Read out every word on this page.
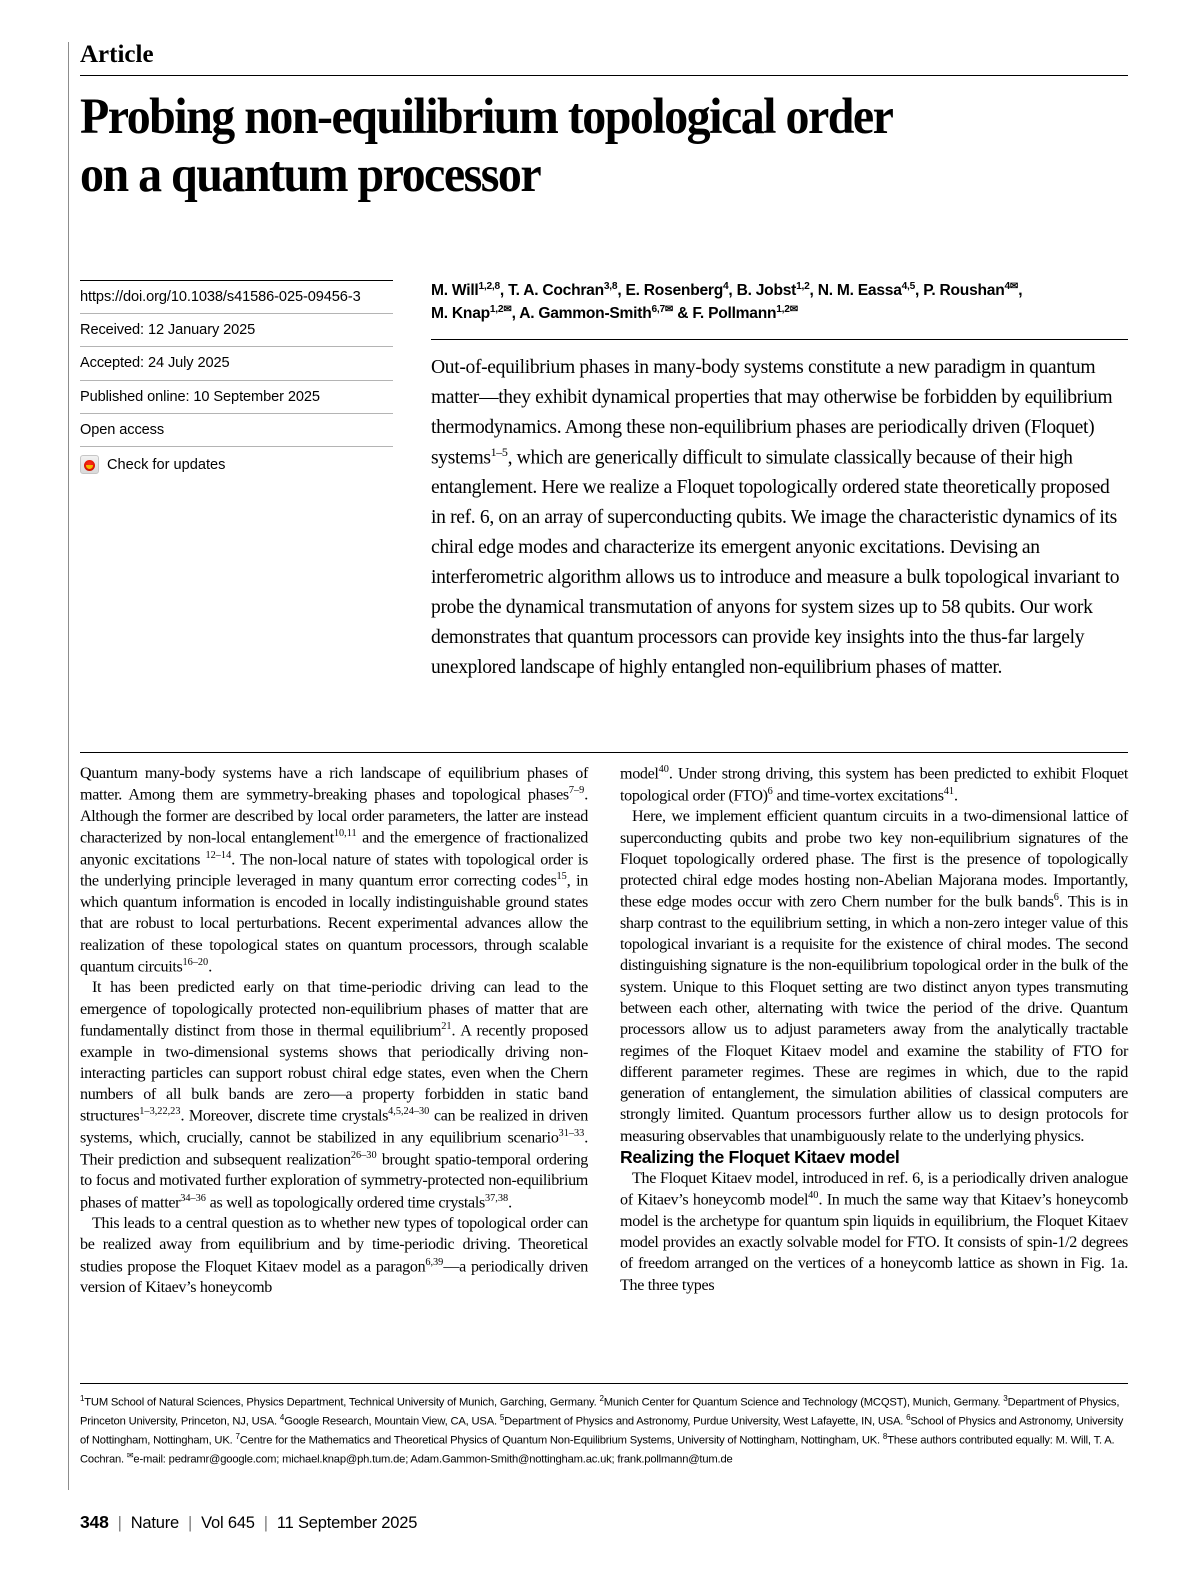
Article
Probing non-equilibrium topological order
on a quantum processor
https://doi.org/10.1038/s41586-025-09456-3
Received: 12 January 2025
Accepted: 24 July 2025
Published online: 10 September 2025
Open access
Check for updates
M. Will$^{1,2,8}$, T. A. Cochran$^{3,8}$, E. Rosenberg$^4$, B. Jobst$^{1,2}$, N. M. Eassa$^{4,5}$, P. Roushan$^{4✉}$,
M. Knap$^{1,2✉}$, A. Gammon-Smith$^{6,7✉}$ & F. Pollmann$^{1,2✉}$
Out-of-equilibrium phases in many-body systems constitute a new paradigm in quantum matter—they exhibit dynamical properties that may otherwise be forbidden by equilibrium thermodynamics. Among these non-equilibrium phases are periodically driven (Floquet) systems$^{1-5}$, which are generically difficult to simulate classically because of their high entanglement. Here we realize a Floquet topologically ordered state theoretically proposed in ref. 6, on an array of superconducting qubits. We image the characteristic dynamics of its chiral edge modes and characterize its emergent anyonic excitations. Devising an interferometric algorithm allows us to introduce and measure a bulk topological invariant to probe the dynamical transmutation of anyons for system sizes up to 58 qubits. Our work demonstrates that quantum processors can provide key insights into the thus-far largely unexplored landscape of highly entangled non-equilibrium phases of matter.

Quantum many-body systems have a rich landscape of equilibrium phases of matter. Among them are symmetry-breaking phases and topological phases$^{7-9}$. Although the former are described by local order parameters, the latter are instead characterized by non-local entanglement$^{10,11}$ and the emergence of fractionalized anyonic excitations $^{12-14}$. The non-local nature of states with topological order is the underlying principle leveraged in many quantum error correcting codes$^{15}$, in which quantum information is encoded in locally indistinguishable ground states that are robust to local perturbations. Recent experimental advances allow the realization of these topological states on quantum processors, through scalable quantum circuits$^{16-20}$.

It has been predicted early on that time-periodic driving can lead to the emergence of topologically protected non-equilibrium phases of matter that are fundamentally distinct from those in thermal equilibrium$^{21}$. A recently proposed example in two-dimensional systems shows that periodically driving non-interacting particles can support robust chiral edge states, even when the Chern numbers of all bulk bands are zero—a property forbidden in static band structures$^{1-3,22,23}$. Moreover, discrete time crystals$^{4,5,24-30}$ can be realized in driven systems, which, crucially, cannot be stabilized in any equilibrium scenario$^{31-33}$. Their prediction and subsequent realization$^{26-30}$ brought spatio-temporal ordering to focus and motivated further exploration of symmetry-protected non-equilibrium phases of matter$^{34-36}$ as well as topologically ordered time crystals$^{37,38}$.

This leads to a central question as to whether new types of topological order can be realized away from equilibrium and by time-periodic driving. Theoretical studies propose the Floquet Kitaev model as a paragon$^{6,39}$—a periodically driven version of Kitaev’s honeycomb

model$^{40}$. Under strong driving, this system has been predicted to exhibit Floquet topological order (FTO)$^6$ and time-vortex excitations$^{41}$.

Here, we implement efficient quantum circuits in a two-dimensional lattice of superconducting qubits and probe two key non-equilibrium signatures of the Floquet topologically ordered phase. The first is the presence of topologically protected chiral edge modes hosting non-Abelian Majorana modes. Importantly, these edge modes occur with zero Chern number for the bulk bands$^6$. This is in sharp contrast to the equilibrium setting, in which a non-zero integer value of this topological invariant is a requisite for the existence of chiral modes. The second distinguishing signature is the non-equilibrium topological order in the bulk of the system. Unique to this Floquet setting are two distinct anyon types transmuting between each other, alternating with twice the period of the drive. Quantum processors allow us to adjust parameters away from the analytically tractable regimes of the Floquet Kitaev model and examine the stability of FTO for different parameter regimes. These are regimes in which, due to the rapid generation of entanglement, the simulation abilities of classical computers are strongly limited. Quantum processors further allow us to design protocols for measuring observables that unambiguously relate to the underlying physics.

Realizing the Floquet Kitaev model

The Floquet Kitaev model, introduced in ref. 6, is a periodically driven analogue of Kitaev’s honeycomb model$^{40}$. In much the same way that Kitaev’s honeycomb model is the archetype for quantum spin liquids in equilibrium, the Floquet Kitaev model provides an exactly solvable model for FTO. It consists of spin-1/2 degrees of freedom arranged on the vertices of a honeycomb lattice as shown in Fig. 1a. The three types

$^1$TUM School of Natural Sciences, Physics Department, Technical University of Munich, Garching, Germany. $^2$Munich Center for Quantum Science and Technology (MCQST), Munich, Germany. $^3$Department of Physics, Princeton University, Princeton, NJ, USA. $^4$Google Research, Mountain View, CA, USA. $^5$Department of Physics and Astronomy, Purdue University, West Lafayette, IN, USA. $^6$School of Physics and Astronomy, University of Nottingham, Nottingham, UK. $^7$Centre for the Mathematics and Theoretical Physics of Quantum Non-Equilibrium Systems, University of Nottingham, Nottingham, UK. $^8$These authors contributed equally: M. Will, T. A. Cochran. ✉e-mail: pedramr@google.com; michael.knap@ph.tum.de; Adam.Gammon-Smith@nottingham.ac.uk; frank.pollmann@tum.de
348 | Nature | Vol 645 | 11 September 2025
